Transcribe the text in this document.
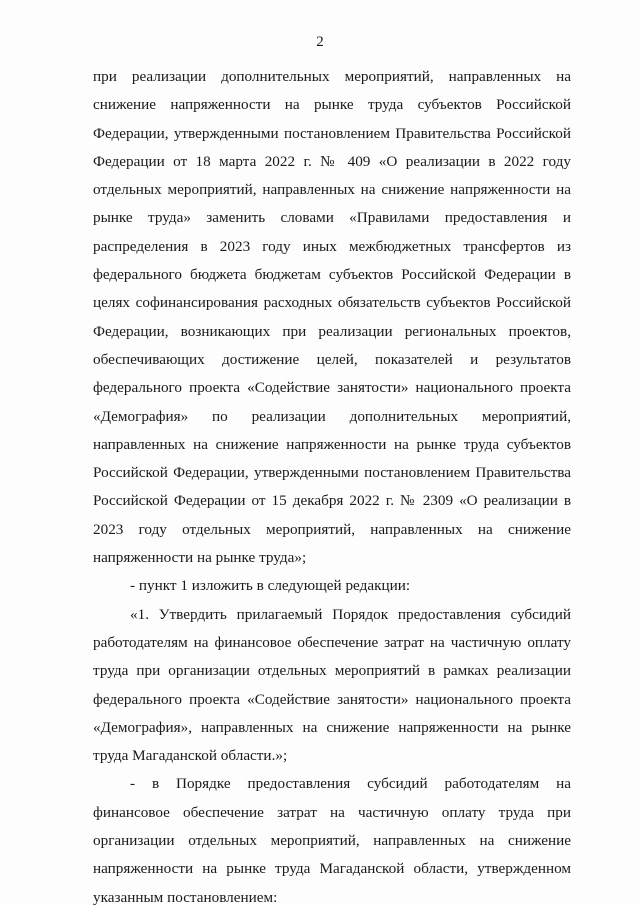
2

при реализации дополнительных мероприятий, направленных на снижение напряженности на рынке труда субъектов Российской Федерации, утвержденными постановлением Правительства Российской Федерации от 18 марта 2022 г. № 409 «О реализации в 2022 году отдельных мероприятий, направленных на снижение напряженности на рынке труда» заменить словами «Правилами предоставления и распределения в 2023 году иных межбюджетных трансфертов из федерального бюджета бюджетам субъектов Российской Федерации в целях софинансирования расходных обязательств субъектов Российской Федерации, возникающих при реализации региональных проектов, обеспечивающих достижение целей, показателей и результатов федерального проекта «Содействие занятости» национального проекта «Демография» по реализации дополнительных мероприятий, направленных на снижение напряженности на рынке труда субъектов Российской Федерации, утвержденными постановлением Правительства Российской Федерации от 15 декабря 2022 г. № 2309 «О реализации в 2023 году отдельных мероприятий, направленных на снижение напряженности на рынке труда»;

- пункт 1 изложить в следующей редакции:

«1. Утвердить прилагаемый Порядок предоставления субсидий работодателям на финансовое обеспечение затрат на частичную оплату труда при организации отдельных мероприятий в рамках реализации федерального проекта «Содействие занятости» национального проекта «Демография», направленных на снижение напряженности на рынке труда Магаданской области.»;

- в Порядке предоставления субсидий работодателям на финансовое обеспечение затрат на частичную оплату труда при организации отдельных мероприятий, направленных на снижение напряженности на рынке труда Магаданской области, утвержденном указанным постановлением:
